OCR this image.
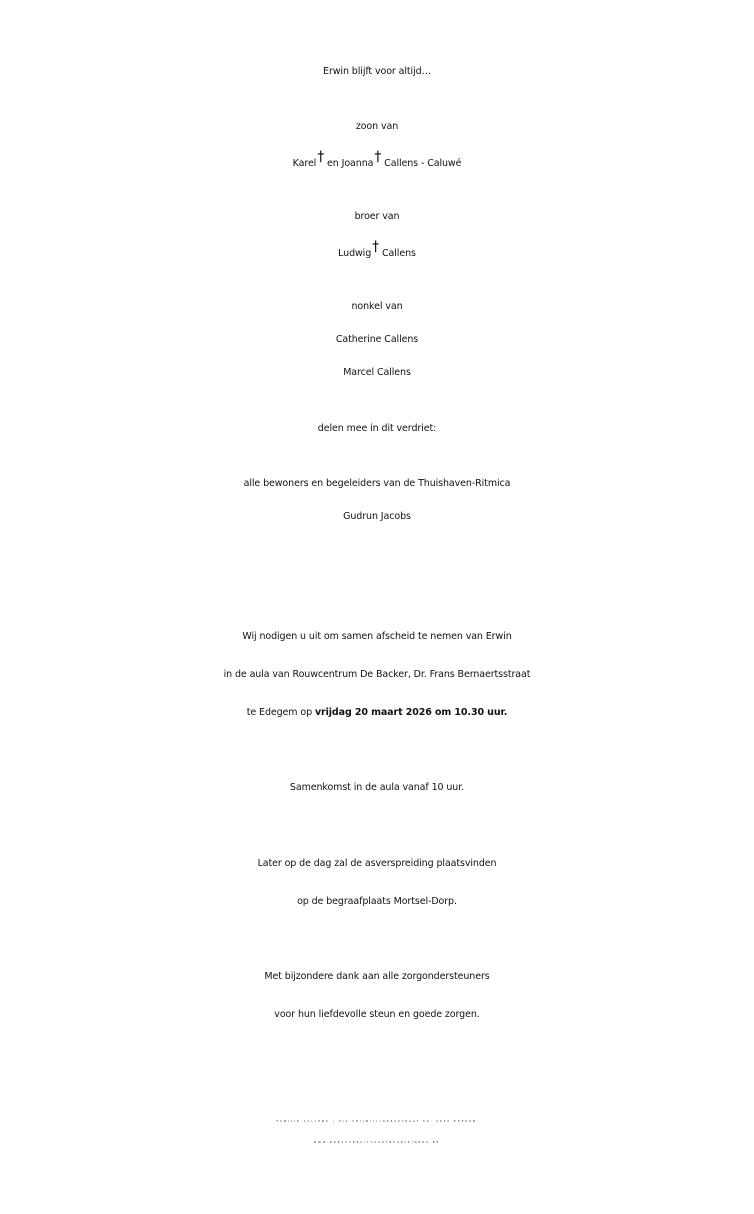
Erwin blijft voor altijd…
zoon van
Karel† en Joanna† Callens - Caluwé
broer van
Ludwig† Callens
nonkel van
Catherine Callens
Marcel Callens
delen mee in dit verdriet:
alle bewoners en begeleiders van de Thuishaven-Ritmica
Gudrun Jacobs
Wij nodigen u uit om samen afscheid te nemen van Erwin
in de aula van Rouwcentrum De Backer, Dr. Frans Bernaertsstraat
te Edegem op vrijdag 20 maart 2026 om 10.30 uur.
Samenkomst in de aula vanaf 10 uur.
Later op de dag zal de asverspreiding plaatsvinden
op de begraafplaats Mortsel-Dorp.
Met bijzondere dank aan alle zorgondersteuners
voor hun liefdevolle steun en goede zorgen.
FAMILIE CALLENS • P/A VRIJWILLIGERSSTRAAT 59, 2650 EDEGEM
WWW.DEBACKERUITVAARTBEGELEIDERS.BE
